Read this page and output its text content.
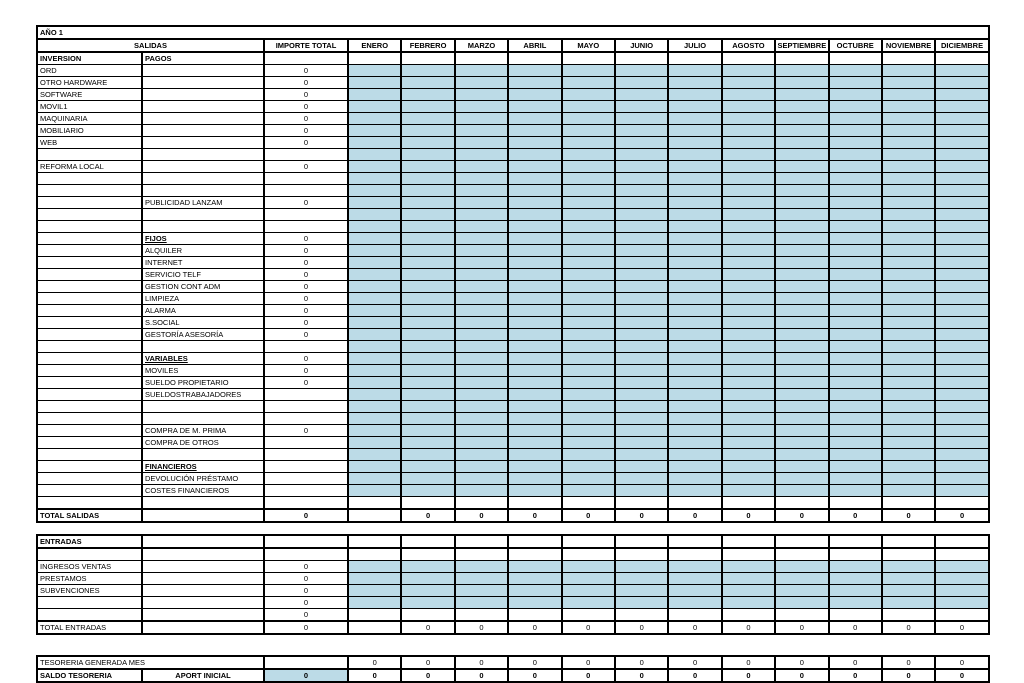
AÑO 1														
SALIDAS		IMPORTE TOTAL	ENERO	FEBRERO	MARZO	ABRIL	MAYO	JUNIO	JULIO	AGOSTO	SEPTIEMBRE	OCTUBRE	NOVIEMBRE	DICIEMBRE
INVERSION	PAGOS													
ORD		0												
OTRO HARDWARE		0												
SOFTWARE		0												
MOVIL1		0												
MAQUINARIA		0												
MOBILIARIO		0												
WEB		0												

REFORMA LOCAL		0												

	PUBLICIDAD LANZAM	0												

	FIJOS	0												
	ALQUILER	0												
	INTERNET	0												
	SERVICIO TELF	0												
	GESTION CONT ADM	0												
	LIMPIEZA	0												
	ALARMA	0												
	S.SOCIAL	0												
	GESTORÍA ASESORÍA	0												

	VARIABLES	0												
	MOVILES	0												
	SUELDO PROPIETARIO	0												
	SUELDOSTRABAJADORES													

	COMPRA DE M. PRIMA	0												
	COMPRA DE OTROS													

	FINANCIEROS													
	DEVOLUCIÓN PRÉSTAMO													
	COSTES FINANCIEROS													

TOTAL SALIDAS		0		0	0	0	0	0	0	0	0	0	0	0
ENTRADAS														

INGRESOS VENTAS		0												
PRESTAMOS		0												
SUBVENCIONES		0												
		0												
		0												
TOTAL ENTRADAS		0		0	0	0	0	0	0	0	0	0	0	0
TESORERIA GENERADA MES			0	0	0	0	0	0	0	0	0	0	0	0
SALDO TESORERIA	APORT INICIAL	0	0	0	0	0	0	0	0	0	0	0	0	0
